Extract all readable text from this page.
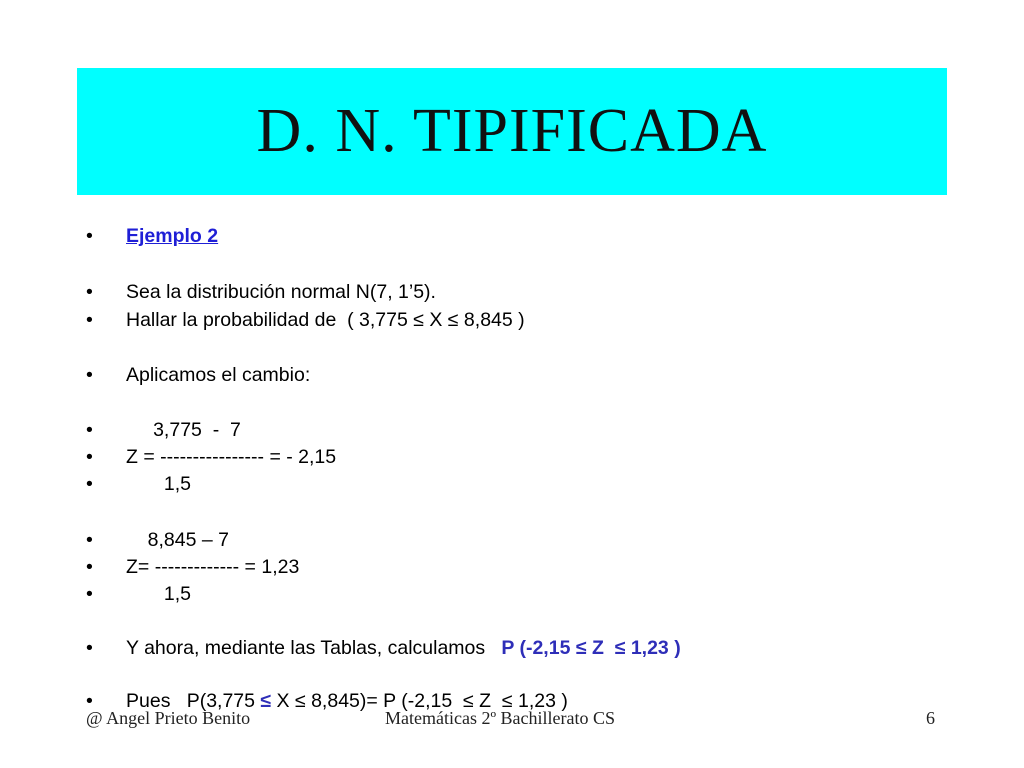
D. N. TIPIFICADA
• Ejemplo 2
• Sea la distribución normal N(7, 1’5).
• Hallar la probabilidad de  ( 3,775 ≤ X ≤ 8,845 )
• Aplicamos el cambio:
•     3,775  -  7
• Z = ---------------- = - 2,15
•       1,5
•    8,845 – 7
• Z= ------------- = 1,23
•       1,5
• Y ahora, mediante las Tablas, calculamos   P (-2,15 ≤ Z  ≤ 1,23 )
• Pues   P(3,775 ≤ X ≤ 8,845)= P (-2,15  ≤ Z  ≤ 1,23 )
@ Angel Prieto Benito	Matemáticas 2º Bachillerato CS	6
